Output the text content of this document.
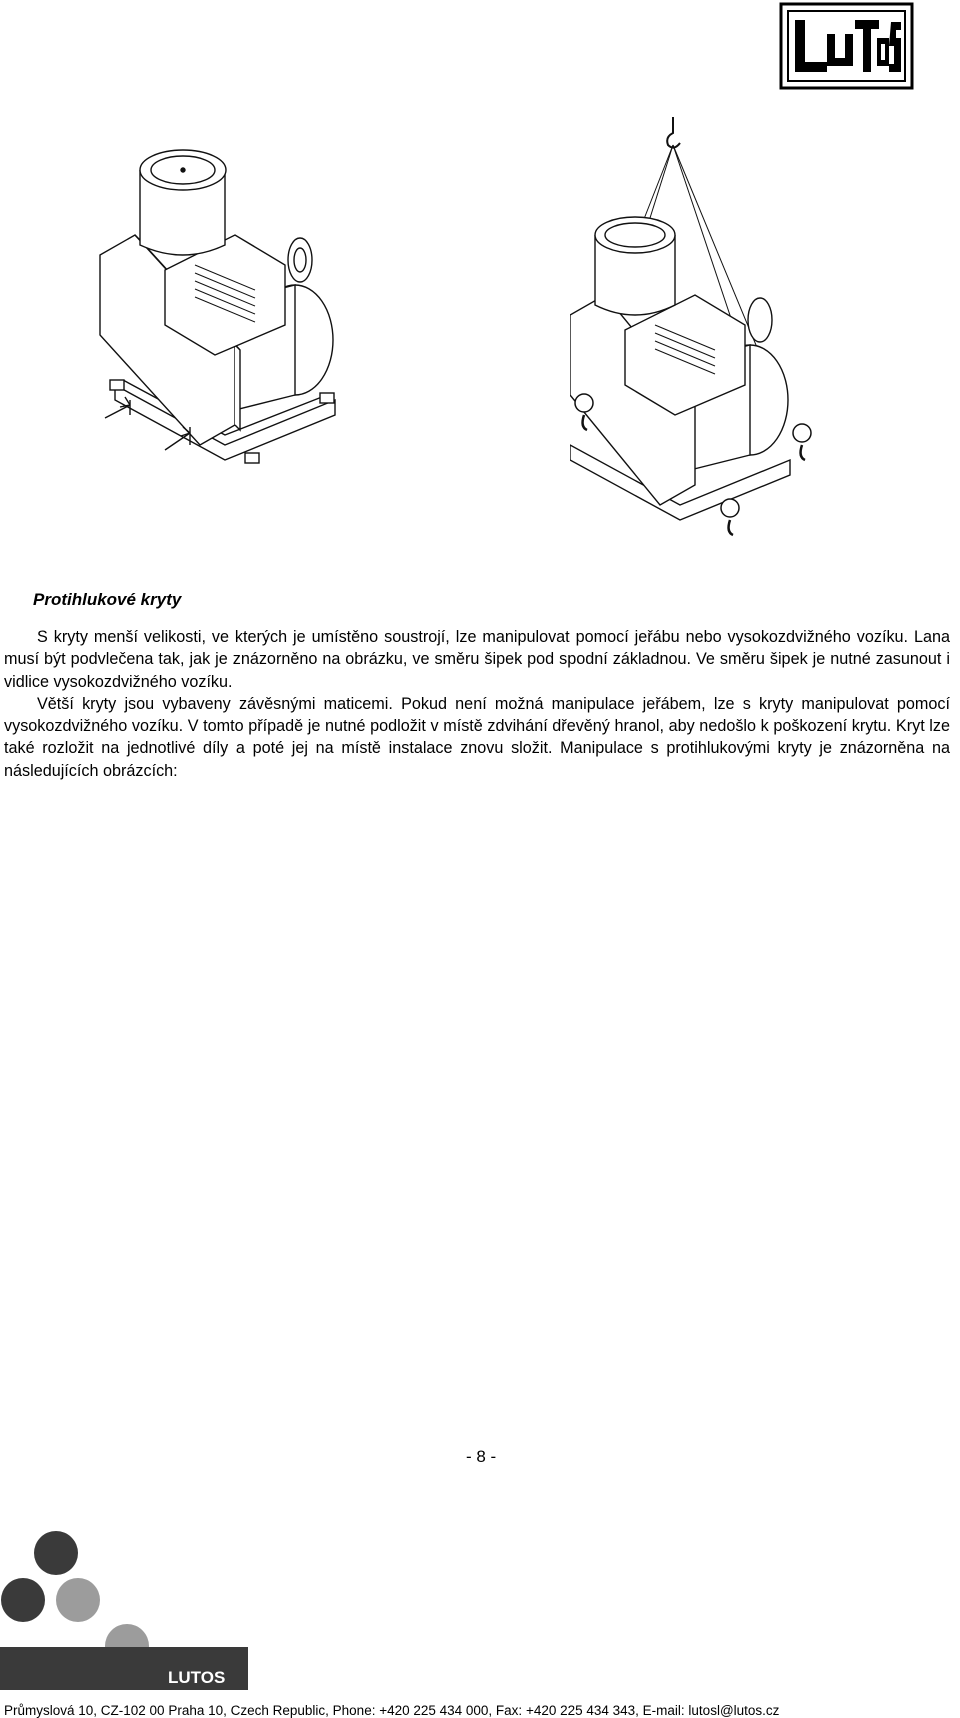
Protihlukové kryty

S kryty menší velikosti, ve kterých je umístěno soustrojí, lze manipulovat pomocí jeřábu nebo vysokozdvižného vozíku. Lana musí být podvlečena tak, jak je znázorněno na obrázku, ve směru šipek pod spodní základnou. Ve směru šipek je nutné zasunout i vidlice vysokozdvižného vozíku.

Větší kryty jsou vybaveny závěsnými maticemi. Pokud není možná manipulace jeřábem, lze s kryty manipulovat pomocí vysokozdvižného vozíku. V tomto případě je nutné podložit v místě zdvihání dřevěný hranol, aby nedošlo k poškození krytu. Kryt lze také rozložit na jednotlivé díly a poté jej na místě instalace znovu složit. Manipulace s protihlukovými kryty je znázorněna na následujících obrázcích:

- 8 -
LUTOS
Průmyslová 10, CZ-102 00 Praha 10, Czech Republic, Phone: +420 225 434 000, Fax: +420 225 434 343, E-mail: lutosl@lutos.cz
